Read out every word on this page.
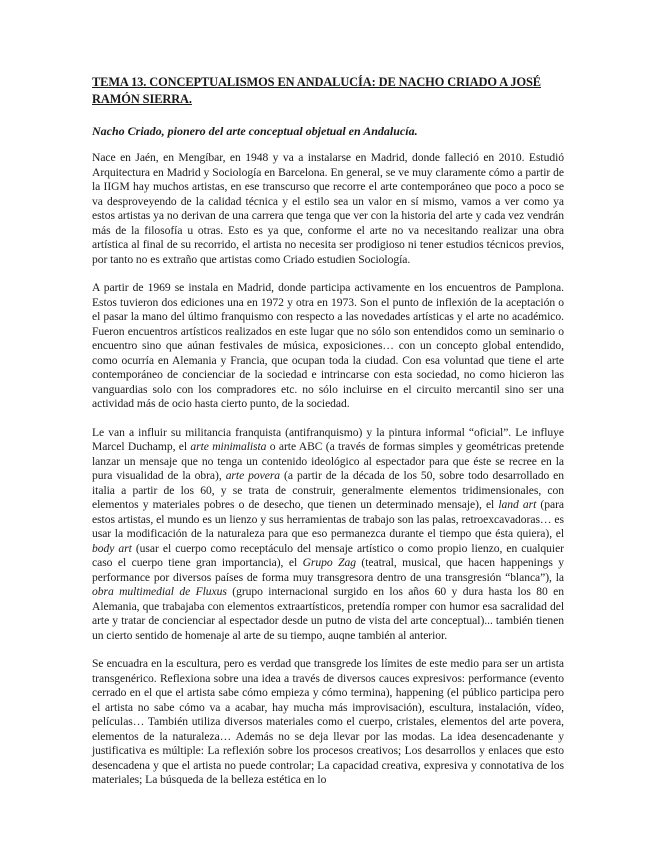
TEMA 13. CONCEPTUALISMOS EN ANDALUCÍA: DE NACHO CRIADO A JOSÉ RAMÓN SIERRA.
Nacho Criado, pionero del arte conceptual objetual en Andalucía.

Nace en Jaén, en Mengíbar, en 1948 y va a instalarse en Madrid, donde falleció en 2010. Estudió Arquitectura en Madrid y Sociología en Barcelona. En general, se ve muy claramente cómo a partir de la IIGM hay muchos artistas, en ese transcurso que recorre el arte contemporáneo que poco a poco se va desproveyendo de la calidad técnica y el estilo sea un valor en sí mismo, vamos a ver como ya estos artistas ya no derivan de una carrera que tenga que ver con la historia del arte y cada vez vendrán más de la filosofía u otras. Esto es ya que, conforme el arte no va necesitando realizar una obra artística al final de su recorrido, el artista no necesita ser prodigioso ni tener estudios técnicos previos, por tanto no es extraño que artistas como Criado estudien Sociología.

A partir de 1969 se instala en Madrid, donde participa activamente en los encuentros de Pamplona. Estos tuvieron dos ediciones una en 1972 y otra en 1973. Son el punto de inflexión de la aceptación o el pasar la mano del último franquismo con respecto a las novedades artísticas y el arte no académico. Fueron encuentros artísticos realizados en este lugar que no sólo son entendidos como un seminario o encuentro sino que aúnan festivales de música, exposiciones… con un concepto global entendido, como ocurría en Alemania y Francia, que ocupan toda la ciudad. Con esa voluntad que tiene el arte contemporáneo de concienciar de la sociedad e intrincarse con esta sociedad, no como hicieron las vanguardias solo con los compradores etc. no sólo incluirse en el circuito mercantil sino ser una actividad más de ocio hasta cierto punto, de la sociedad.

Le van a influir su militancia franquista (antifranquismo) y la pintura informal “oficial”. Le influye Marcel Duchamp, el arte minimalista o arte ABC (a través de formas simples y geométricas pretende lanzar un mensaje que no tenga un contenido ideológico al espectador para que éste se recree en la pura visualidad de la obra), arte povera (a partir de la década de los 50, sobre todo desarrollado en italia a partir de los 60, y se trata de construir, generalmente elementos tridimensionales, con elementos y materiales pobres o de desecho, que tienen un determinado mensaje), el land art (para estos artistas, el mundo es un lienzo y sus herramientas de trabajo son las palas, retroexcavadoras… es usar la modificación de la naturaleza para que eso permanezca durante el tiempo que ésta quiera), el body art (usar el cuerpo como receptáculo del mensaje artístico o como propio lienzo, en cualquier caso el cuerpo tiene gran importancia), el Grupo Zag (teatral, musical, que hacen happenings y performance por diversos países de forma muy transgresora dentro de una transgresión “blanca”), la obra multimedial de Fluxus (grupo internacional surgido en los años 60 y dura hasta los 80 en Alemania, que trabajaba con elementos extraartísticos, pretendía romper con humor esa sacralidad del arte y tratar de concienciar al espectador desde un putno de vista del arte conceptual)... también tienen un cierto sentido de homenaje al arte de su tiempo, auqne también al anterior.

Se encuadra en la escultura, pero es verdad que transgrede los límites de este medio para ser un artista transgenérico. Reflexiona sobre una idea a través de diversos cauces expresivos: performance (evento cerrado en el que el artista sabe cómo empieza y cómo termina), happening (el público participa pero el artista no sabe cómo va a acabar, hay mucha más improvisación), escultura, instalación, vídeo, películas… También utiliza diversos materiales como el cuerpo, cristales, elementos del arte povera, elementos de la naturaleza… Además no se deja llevar por las modas. La idea desencadenante y justificativa es múltiple: La reflexión sobre los procesos creativos; Los desarrollos y enlaces que esto desencadena y que el artista no puede controlar; La capacidad creativa, expresiva y connotativa de los materiales; La búsqueda de la belleza estética en lo
